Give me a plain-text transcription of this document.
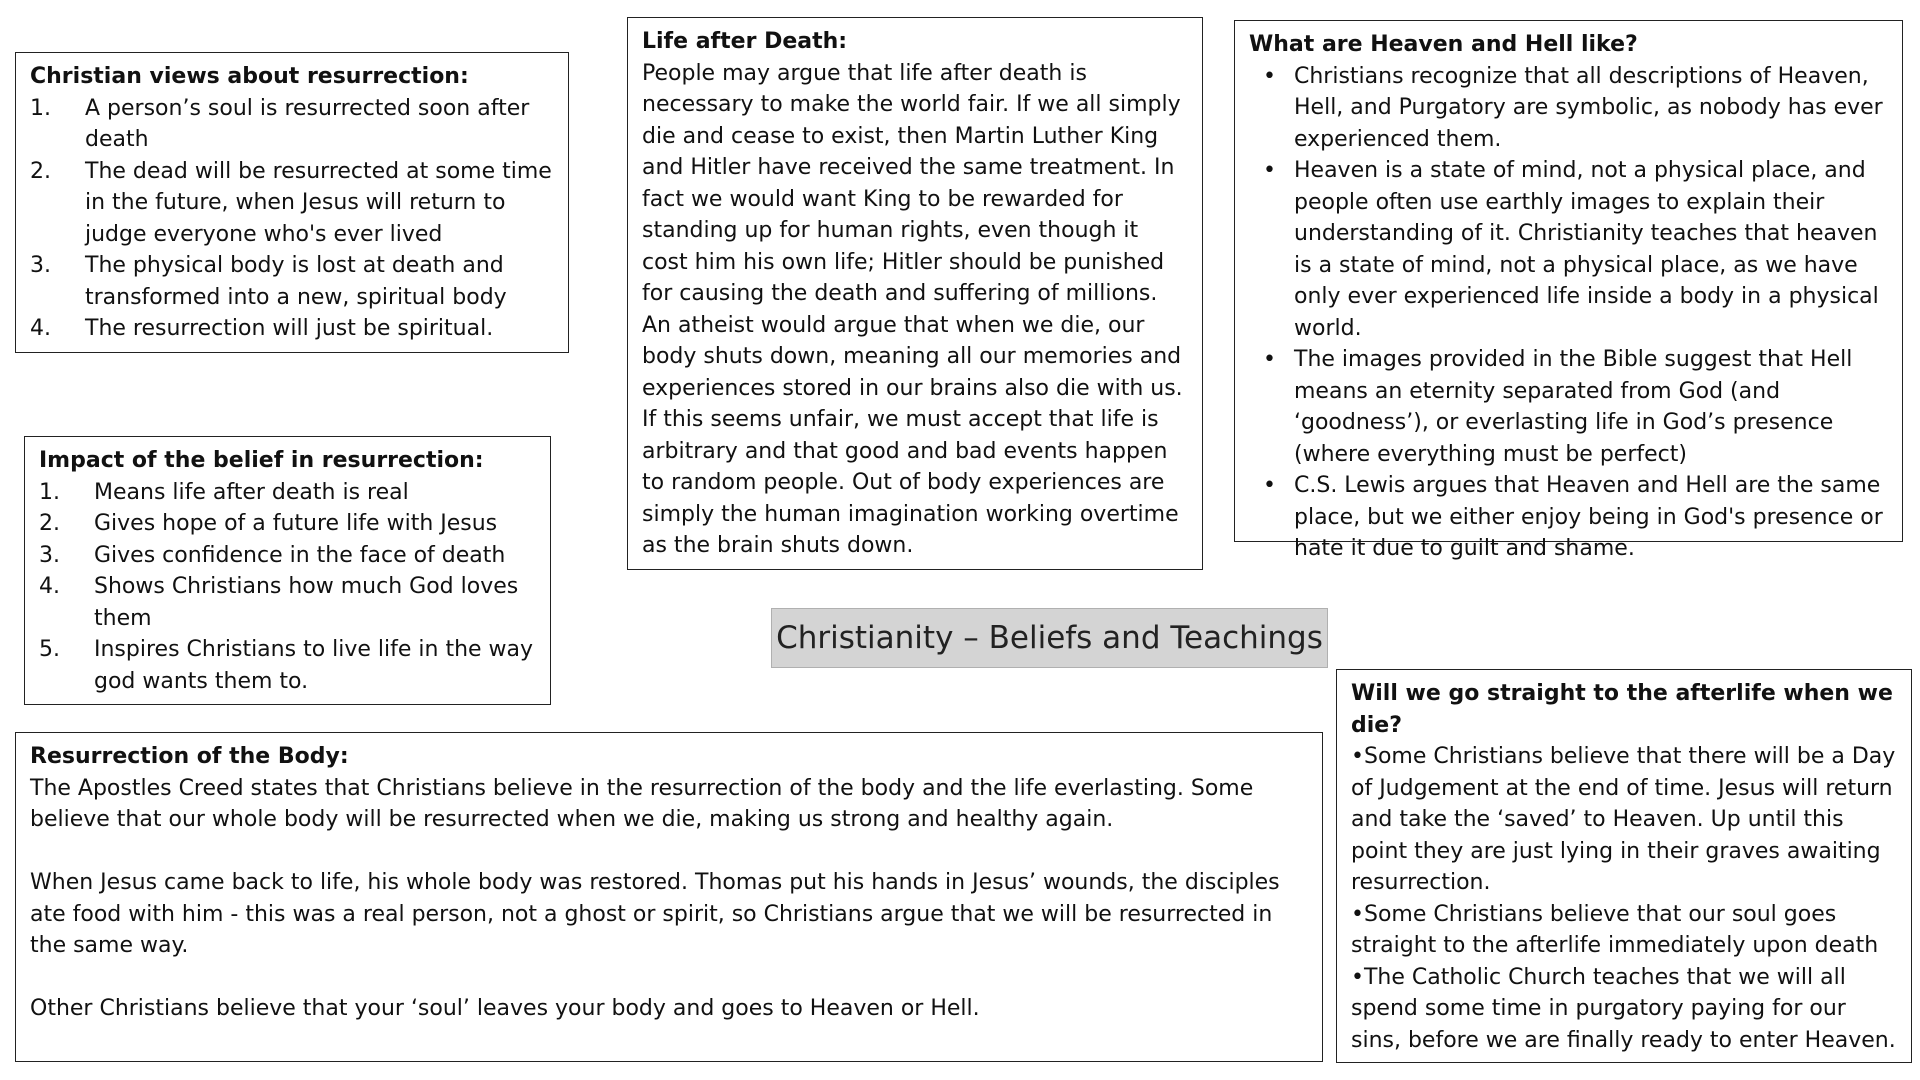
Christian views about resurrection:
1.	A person’s soul is resurrected soon after death
2.	The dead will be resurrected at some time in the future, when Jesus will return to judge everyone who's ever lived
3.	The physical body is lost at death and transformed into a new, spiritual body
4.	The resurrection will just be spiritual.
Impact of the belief in resurrection:
1.	Means life after death is real
2.	Gives hope of a future life with Jesus
3.	Gives confidence in the face of death
4.	Shows Christians how much God loves them
5.	Inspires Christians to live life in the way god wants them to.
Life after Death:

People may argue that life after death is necessary to make the world fair. If we all simply die and cease to exist, then Martin Luther King and Hitler have received the same treatment. In fact we would want King to be rewarded for standing up for human rights, even though it cost him his own life; Hitler should be punished for causing the death and suffering of millions.

An atheist would argue that when we die, our body shuts down, meaning all our memories and experiences stored in our brains also die with us. If this seems unfair, we must accept that life is arbitrary and that good and bad events happen to random people. Out of body experiences are simply the human imagination working overtime as the brain shuts down.

What are Heaven and Hell like?
• Christians recognize that all descriptions of Heaven, Hell, and Purgatory are symbolic, as nobody has ever experienced them.
• Heaven is a state of mind, not a physical place, and people often use earthly images to explain their understanding of it. Christianity teaches that heaven is a state of mind, not a physical place, as we have only ever experienced life inside a body in a physical world.
• The images provided in the Bible suggest that Hell means an eternity separated from God (and ‘goodness’), or everlasting life in God’s presence (where everything must be perfect)
• C.S. Lewis argues that Heaven and Hell are the same place, but we either enjoy being in God's presence or hate it due to guilt and shame.
Christianity – Beliefs and Teachings
Resurrection of the Body:

The Apostles Creed states that Christians believe in the resurrection of the body and the life everlasting. Some believe that our whole body will be resurrected when we die, making us strong and healthy again.

When Jesus came back to life, his whole body was restored. Thomas put his hands in Jesus’ wounds, the disciples ate food with him - this was a real person, not a ghost or spirit, so Christians argue that we will be resurrected in the same way.

Other Christians believe that your ‘soul’ leaves your body and goes to Heaven or Hell.

Will we go straight to the afterlife when we die?

•Some Christians believe that there will be a Day of Judgement at the end of time. Jesus will return and take the ‘saved’ to Heaven. Up until this point they are just lying in their graves awaiting resurrection.

•Some Christians believe that our soul goes straight to the afterlife immediately upon death

•The Catholic Church teaches that we will all spend some time in purgatory paying for our sins, before we are finally ready to enter Heaven.
